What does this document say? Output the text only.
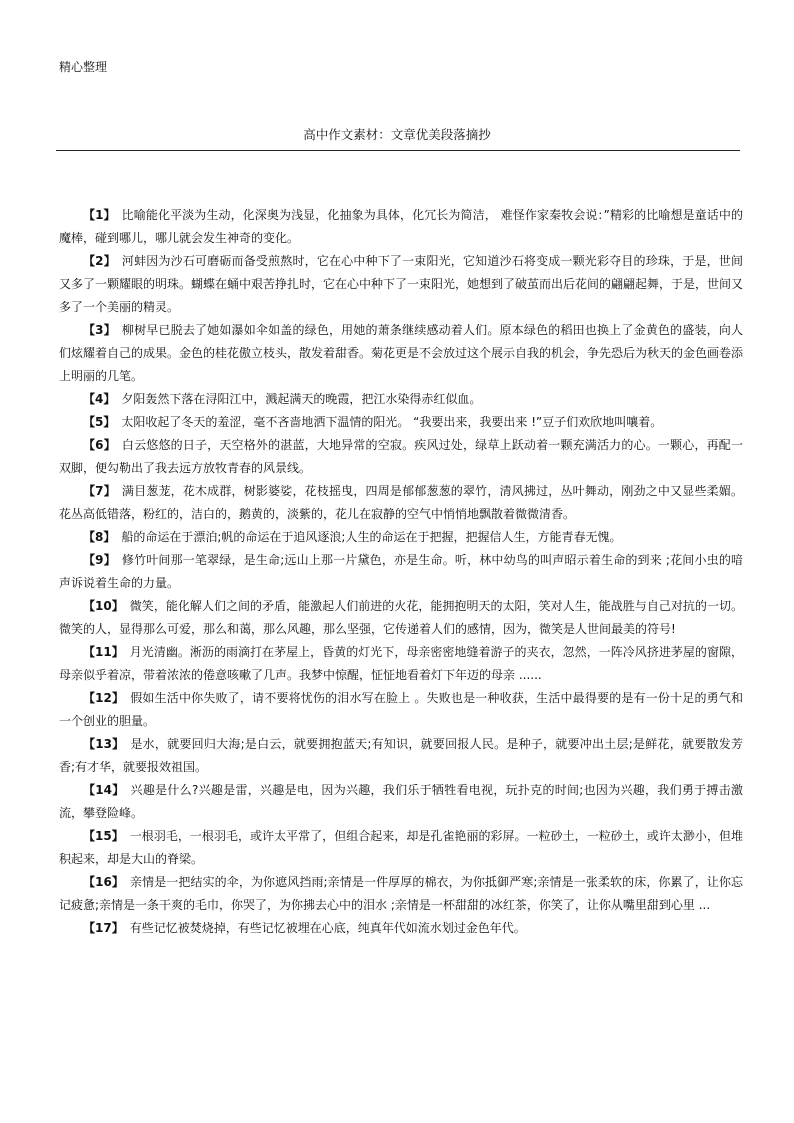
精心整理
高中作文素材：文章优美段落摘抄

【1】 比喻能化平淡为生动，化深奥为浅显，化抽象为具体，化冗长为简洁， 难怪作家秦牧会说：”精彩的比喻想是童话中的魔棒，碰到哪儿，哪儿就会发生神奇的变化。

【2】 河蚌因为沙石可磨砺而备受煎熬时，它在心中种下了一束阳光，它知道沙石将变成一颗光彩夺目的珍珠，于是，世间又多了一颗耀眼的明珠。蝴蝶在蛹中艰苦挣扎时，它在心中种下了一束阳光，她想到了破茧而出后花间的翩翩起舞，于是，世间又多了一个美丽的精灵。

【3】 柳树早已脱去了她如瀑如伞如盖的绿色，用她的萧条继续感动着人们。原本绿色的稻田也换上了金黄色的盛装，向人们炫耀着自己的成果。金色的桂花傲立枝头，散发着甜香。菊花更是不会放过这个展示自我的机会，争先恐后为秋天的金色画卷添上明丽的几笔。

【4】 夕阳轰然下落在浔阳江中，溅起满天的晚霞，把江水染得赤红似血。

【5】 太阳收起了冬天的羞涩，毫不吝啬地洒下温情的阳光。 “我要出来，我要出来 !”豆子们欢欣地叫嚷着。

【6】 白云悠悠的日子，天空格外的湛蓝，大地异常的空寂。疾风过处，绿草上跃动着一颗充满活力的心。一颗心，再配一双脚，便勾勒出了我去远方放牧青春的风景线。

【7】 满目葱茏，花木成群，树影婆娑，花枝摇曳，四周是郁郁葱葱的翠竹，清风拂过，丛叶舞动，刚劲之中又显些柔媚。花丛高低错落，粉红的，洁白的，鹅黄的，淡紫的，花儿在寂静的空气中悄悄地飘散着微微清香。

【8】 船的命运在于漂泊;帆的命运在于追风逐浪;人生的命运在于把握，把握信人生，方能青春无愧。

【9】 修竹叶间那一笔翠绿，是生命;远山上那一片黛色，亦是生命。听，林中幼鸟的叫声昭示着生命的到来 ;花间小虫的喑声诉说着生命的力量。

【10】 微笑，能化解人们之间的矛盾，能激起人们前进的火花，能拥抱明天的太阳，笑对人生，能战胜与自己对抗的一切。微笑的人，显得那么可爱，那么和蔼，那么风趣，那么坚强，它传递着人们的感情，因为，微笑是人世间最美的符号!

【11】 月光清幽。淅沥的雨滴打在茅屋上，昏黄的灯光下，母亲密密地缝着游子的夹衣，忽然，一阵冷风挤进茅屋的窗隙，母亲似乎着凉，带着浓浓的倦意咳嗽了几声。我梦中惊醒，怔怔地看着灯下年迈的母亲 ......

【12】 假如生活中你失败了，请不要将忧伤的泪水写在脸上 。失败也是一种收获，生活中最得要的是有一份十足的勇气和一个创业的胆量。

【13】 是水，就要回归大海;是白云，就要拥抱蓝天;有知识，就要回报人民。是种子，就要冲出土层;是鲜花，就要散发芳香;有才华，就要报效祖国。

【14】 兴趣是什么?兴趣是雷，兴趣是电，因为兴趣，我们乐于牺牲看电视，玩扑克的时间;也因为兴趣，我们勇于搏击激流，攀登险峰。

【15】 一根羽毛，一根羽毛，或许太平常了，但组合起来，却是孔雀艳丽的彩屏。一粒砂土，一粒砂土，或许太渺小，但堆积起来，却是大山的脊梁。

【16】 亲情是一把结实的伞，为你遮风挡雨;亲情是一件厚厚的棉衣，为你抵御严寒;亲情是一张柔软的床，你累了，让你忘记疲惫;亲情是一条干爽的毛巾，你哭了，为你拂去心中的泪水 ;亲情是一杯甜甜的冰红茶，你笑了，让你从嘴里甜到心里 ...

【17】 有些记忆被焚烧掉，有些记忆被埋在心底，纯真年代如流水划过金色年代。
